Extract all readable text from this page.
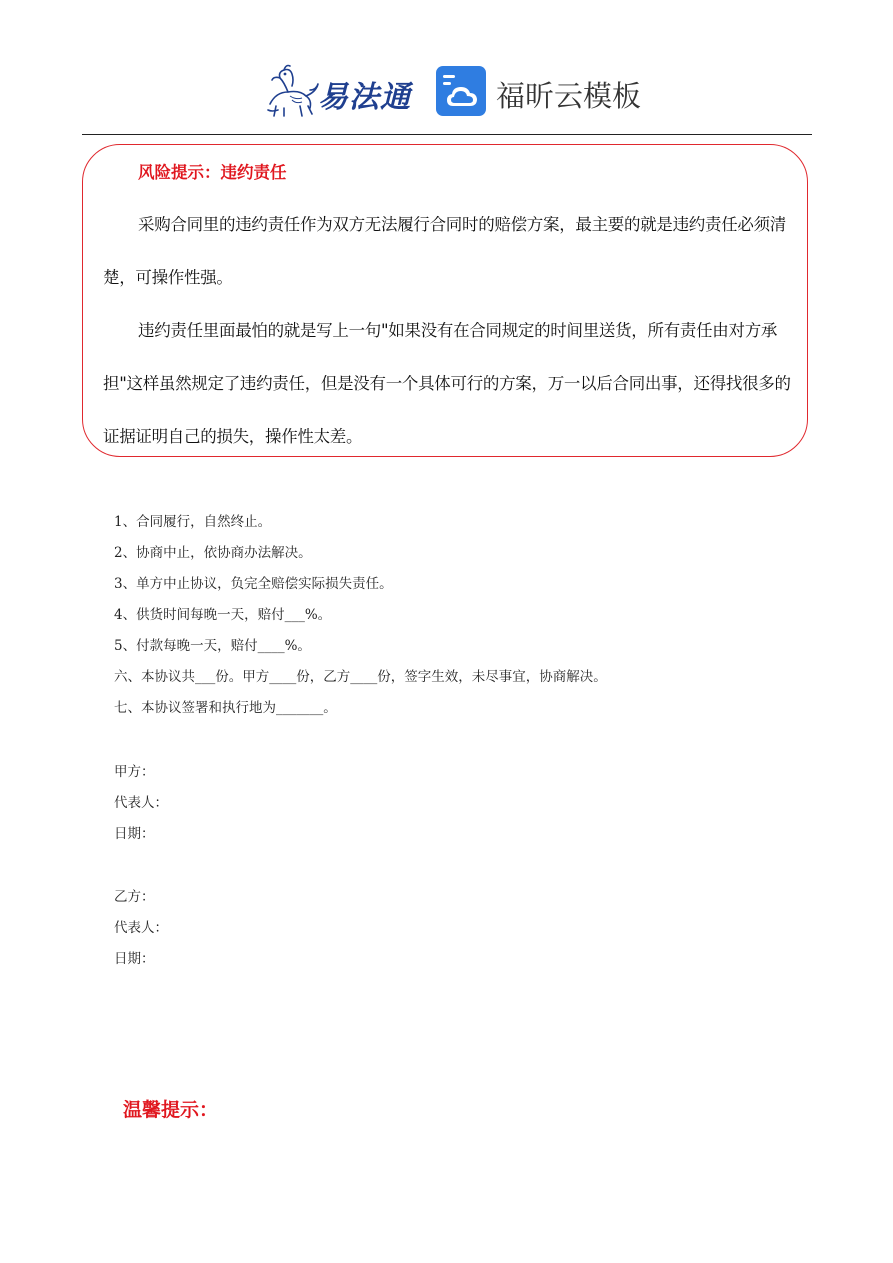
易法通	福昕云模板
风险提示：违约责任

采购合同里的违约责任作为双方无法履行合同时的赔偿方案，最主要的就是违约责任必须清楚，可操作性强。

违约责任里面最怕的就是写上一句"如果没有在合同规定的时间里送货，所有责任由对方承担"这样虽然规定了违约责任，但是没有一个具体可行的方案，万一以后合同出事，还得找很多的证据证明自己的损失，操作性太差。

1、合同履行，自然终止。
2、协商中止，依协商办法解决。
3、单方中止协议，负完全赔偿实际损失责任。
4、供货时间每晚一天，赔付___%。
5、付款每晚一天，赔付____%。
六、本协议共___份。甲方____份，乙方____份，签字生效，未尽事宜，协商解决。
七、本协议签署和执行地为_______。
甲方：
代表人：
日期：
乙方：
代表人：
日期：
温馨提示：
